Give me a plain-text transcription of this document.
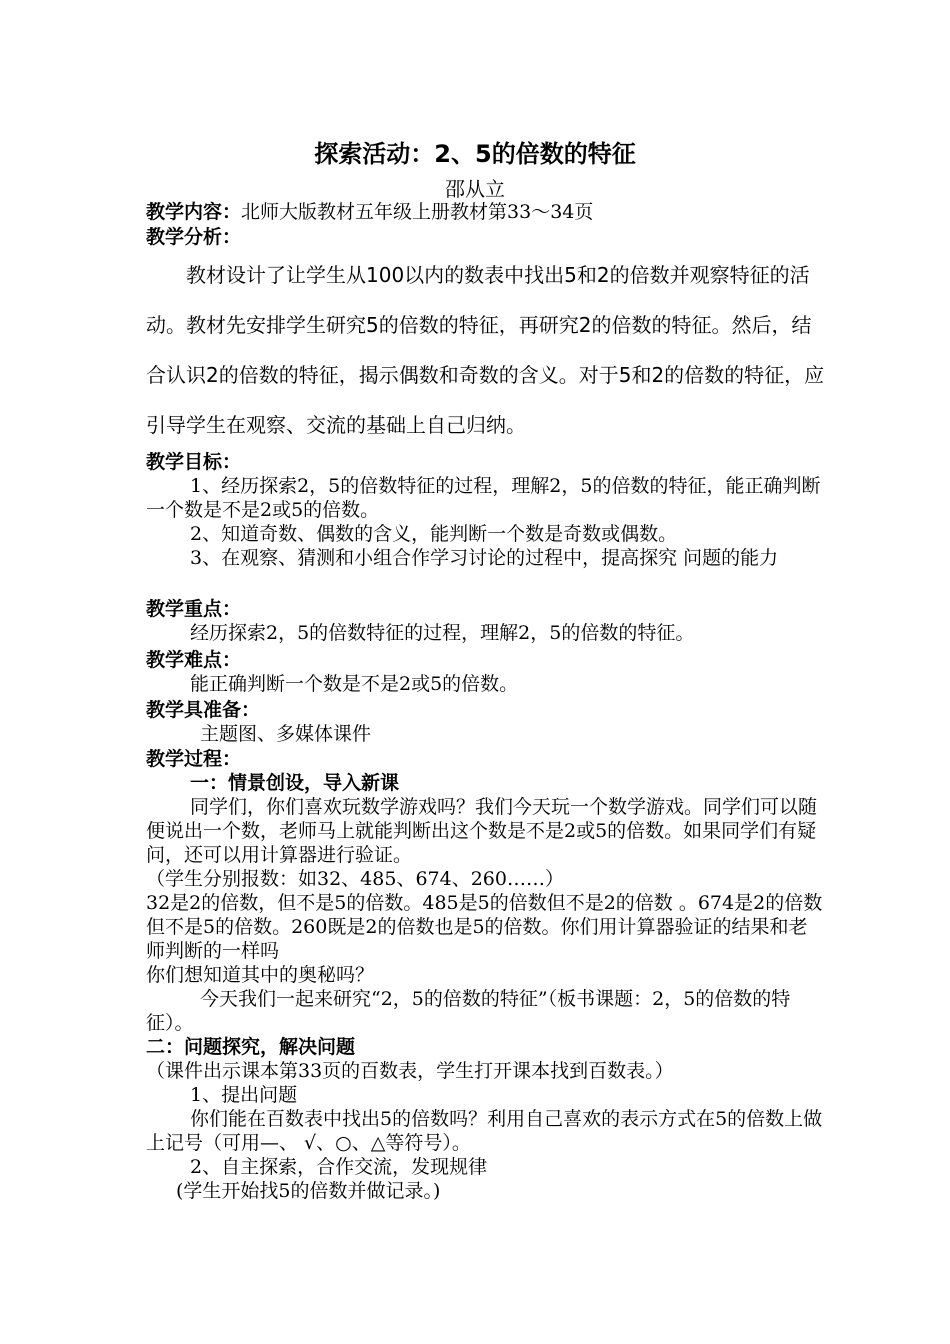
探索活动：2、5的倍数的特征
邵从立
教学内容：北师大版教材五年级上册教材第33～34页
教学分析：
教材设计了让学生从100以内的数表中找出5和2的倍数并观察特征的活动。教材先安排学生研究5的倍数的特征，再研究2的倍数的特征。然后，结合认识2的倍数的特征，揭示偶数和奇数的含义。对于5和2的倍数的特征，应引导学生在观察、交流的基础上自己归纳。
教学目标：
1、经历探索2，5的倍数特征的过程，理解2，5的倍数的特征，能正确判断一个数是不是2或5的倍数。
2、知道奇数、偶数的含义，能判断一个数是奇数或偶数。
3、在观察、猜测和小组合作学习讨论的过程中，提高探究 问题的能力
教学重点：
经历探索2，5的倍数特征的过程，理解2，5的倍数的特征。
教学难点：
能正确判断一个数是不是2或5的倍数。
教学具准备：
主题图、多媒体课件
教学过程：
一：情景创设，导入新课
同学们，你们喜欢玩数学游戏吗？我们今天玩一个数学游戏。同学们可以随便说出一个数，老师马上就能判断出这个数是不是2或5的倍数。如果同学们有疑问，还可以用计算器进行验证。
（学生分别报数：如32、485、674、260……）
32是2的倍数，但不是5的倍数。485是5的倍数但不是2的倍数 。674是2的倍数但不是5的倍数。260既是2的倍数也是5的倍数。你们用计算器验证的结果和老师判断的一样吗
你们想知道其中的奥秘吗？
今天我们一起来研究“2，5的倍数的特征”（板书课题：2，5的倍数的特征）。
二：问题探究，解决问题
（课件出示课本第33页的百数表，学生打开课本找到百数表。）
1、提出问题
你们能在百数表中找出5的倍数吗？利用自己喜欢的表示方式在5的倍数上做上记号（可用—、 √、○、△等符号）。
2、自主探索，合作交流，发现规律
(学生开始找5的倍数并做记录。)
